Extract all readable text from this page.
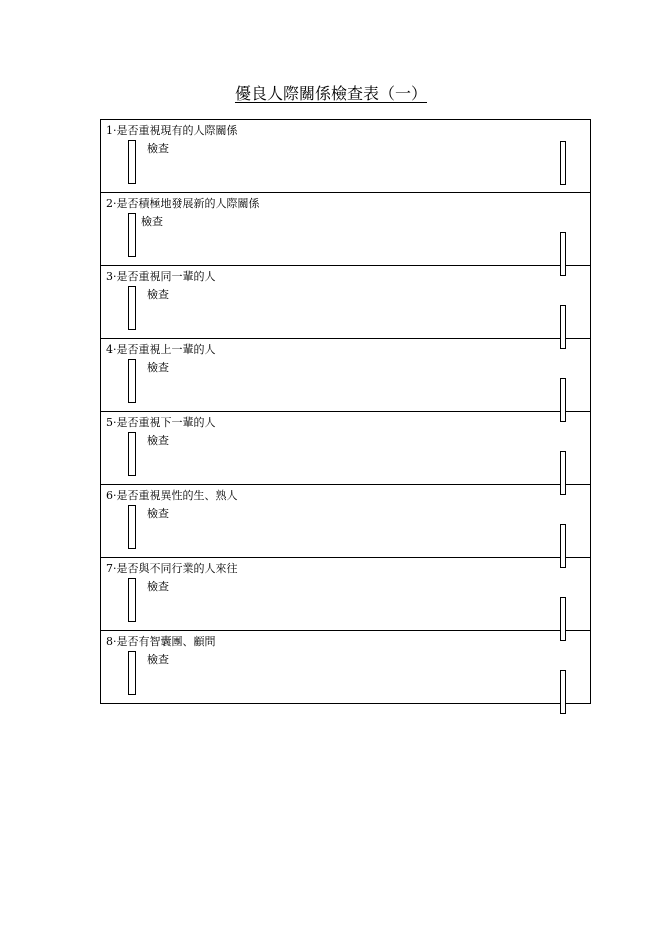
優良人際關係檢查表（一）
1·是否重視現有的人際關係
檢查
2·是否積極地發展新的人際關係
檢查
3·是否重視同一輩的人
檢查
4·是否重視上一輩的人
檢查
5·是否重視下一輩的人
檢查
6·是否重視異性的生、熟人
檢查
7·是否與不同行業的人來往
檢查
8·是否有智囊團、顧問
檢查
